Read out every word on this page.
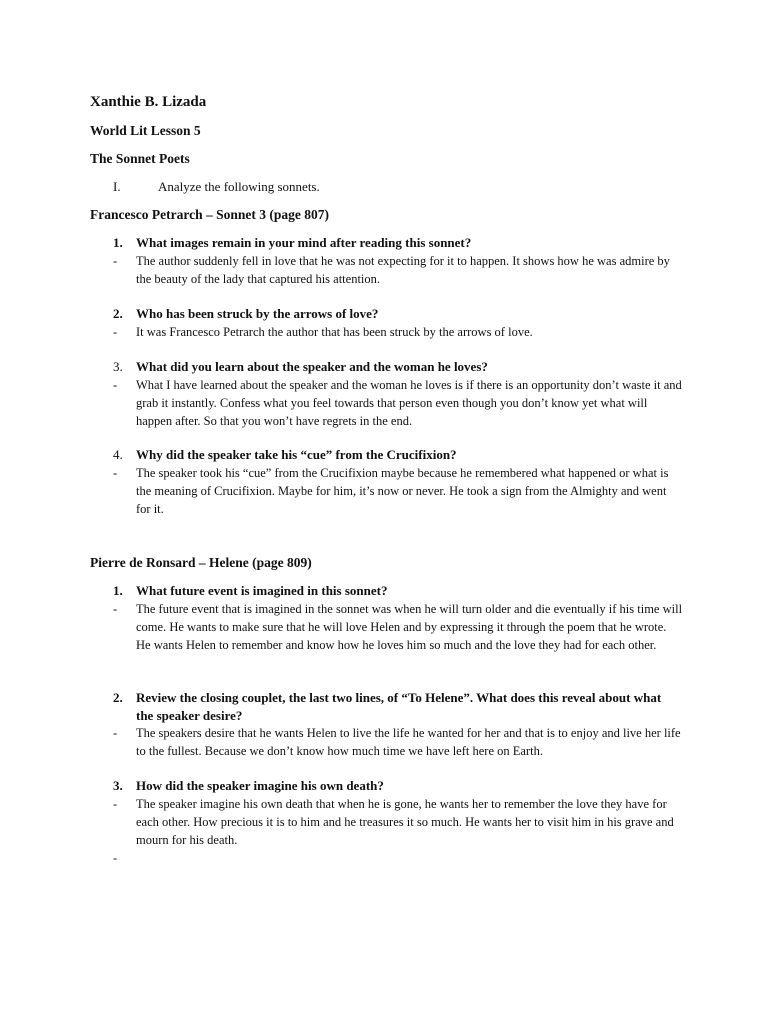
Xanthie B. Lizada
World Lit Lesson 5
The Sonnet Poets
I.	Analyze the following sonnets.
Francesco Petrarch – Sonnet 3 (page 807)
1. What images remain in your mind after reading this sonnet?
- The author suddenly fell in love that he was not expecting for it to happen. It shows how he was admire by the beauty of the lady that captured his attention.
2. Who has been struck by the arrows of love?
- It was Francesco Petrarch the author that has been struck by the arrows of love.
3. What did you learn about the speaker and the woman he loves?
- What I have learned about the speaker and the woman he loves is if there is an opportunity don’t waste it and grab it instantly. Confess what you feel towards that person even though you don’t know yet what will happen after. So that you won’t have regrets in the end.
4. Why did the speaker take his “cue” from the Crucifixion?
- The speaker took his “cue” from the Crucifixion maybe because he remembered what happened or what is the meaning of Crucifixion. Maybe for him, it’s now or never. He took a sign from the Almighty and went for it.
Pierre de Ronsard – Helene (page 809)
1. What future event is imagined in this sonnet?
- The future event that is imagined in the sonnet was when he will turn older and die eventually if his time will come. He wants to make sure that he will love Helen and by expressing it through the poem that he wrote. He wants Helen to remember and know how he loves him so much and the love they had for each other.
2. Review the closing couplet, the last two lines, of “To Helene”. What does this reveal about what the speaker desire?
- The speakers desire that he wants Helen to live the life he wanted for her and that is to enjoy and live her life to the fullest. Because we don’t know how much time we have left here on Earth.
3. How did the speaker imagine his own death?
- The speaker imagine his own death that when he is gone, he wants her to remember the love they have for each other. How precious it is to him and he treasures it so much. He wants her to visit him in his grave and mourn for his death.
-
